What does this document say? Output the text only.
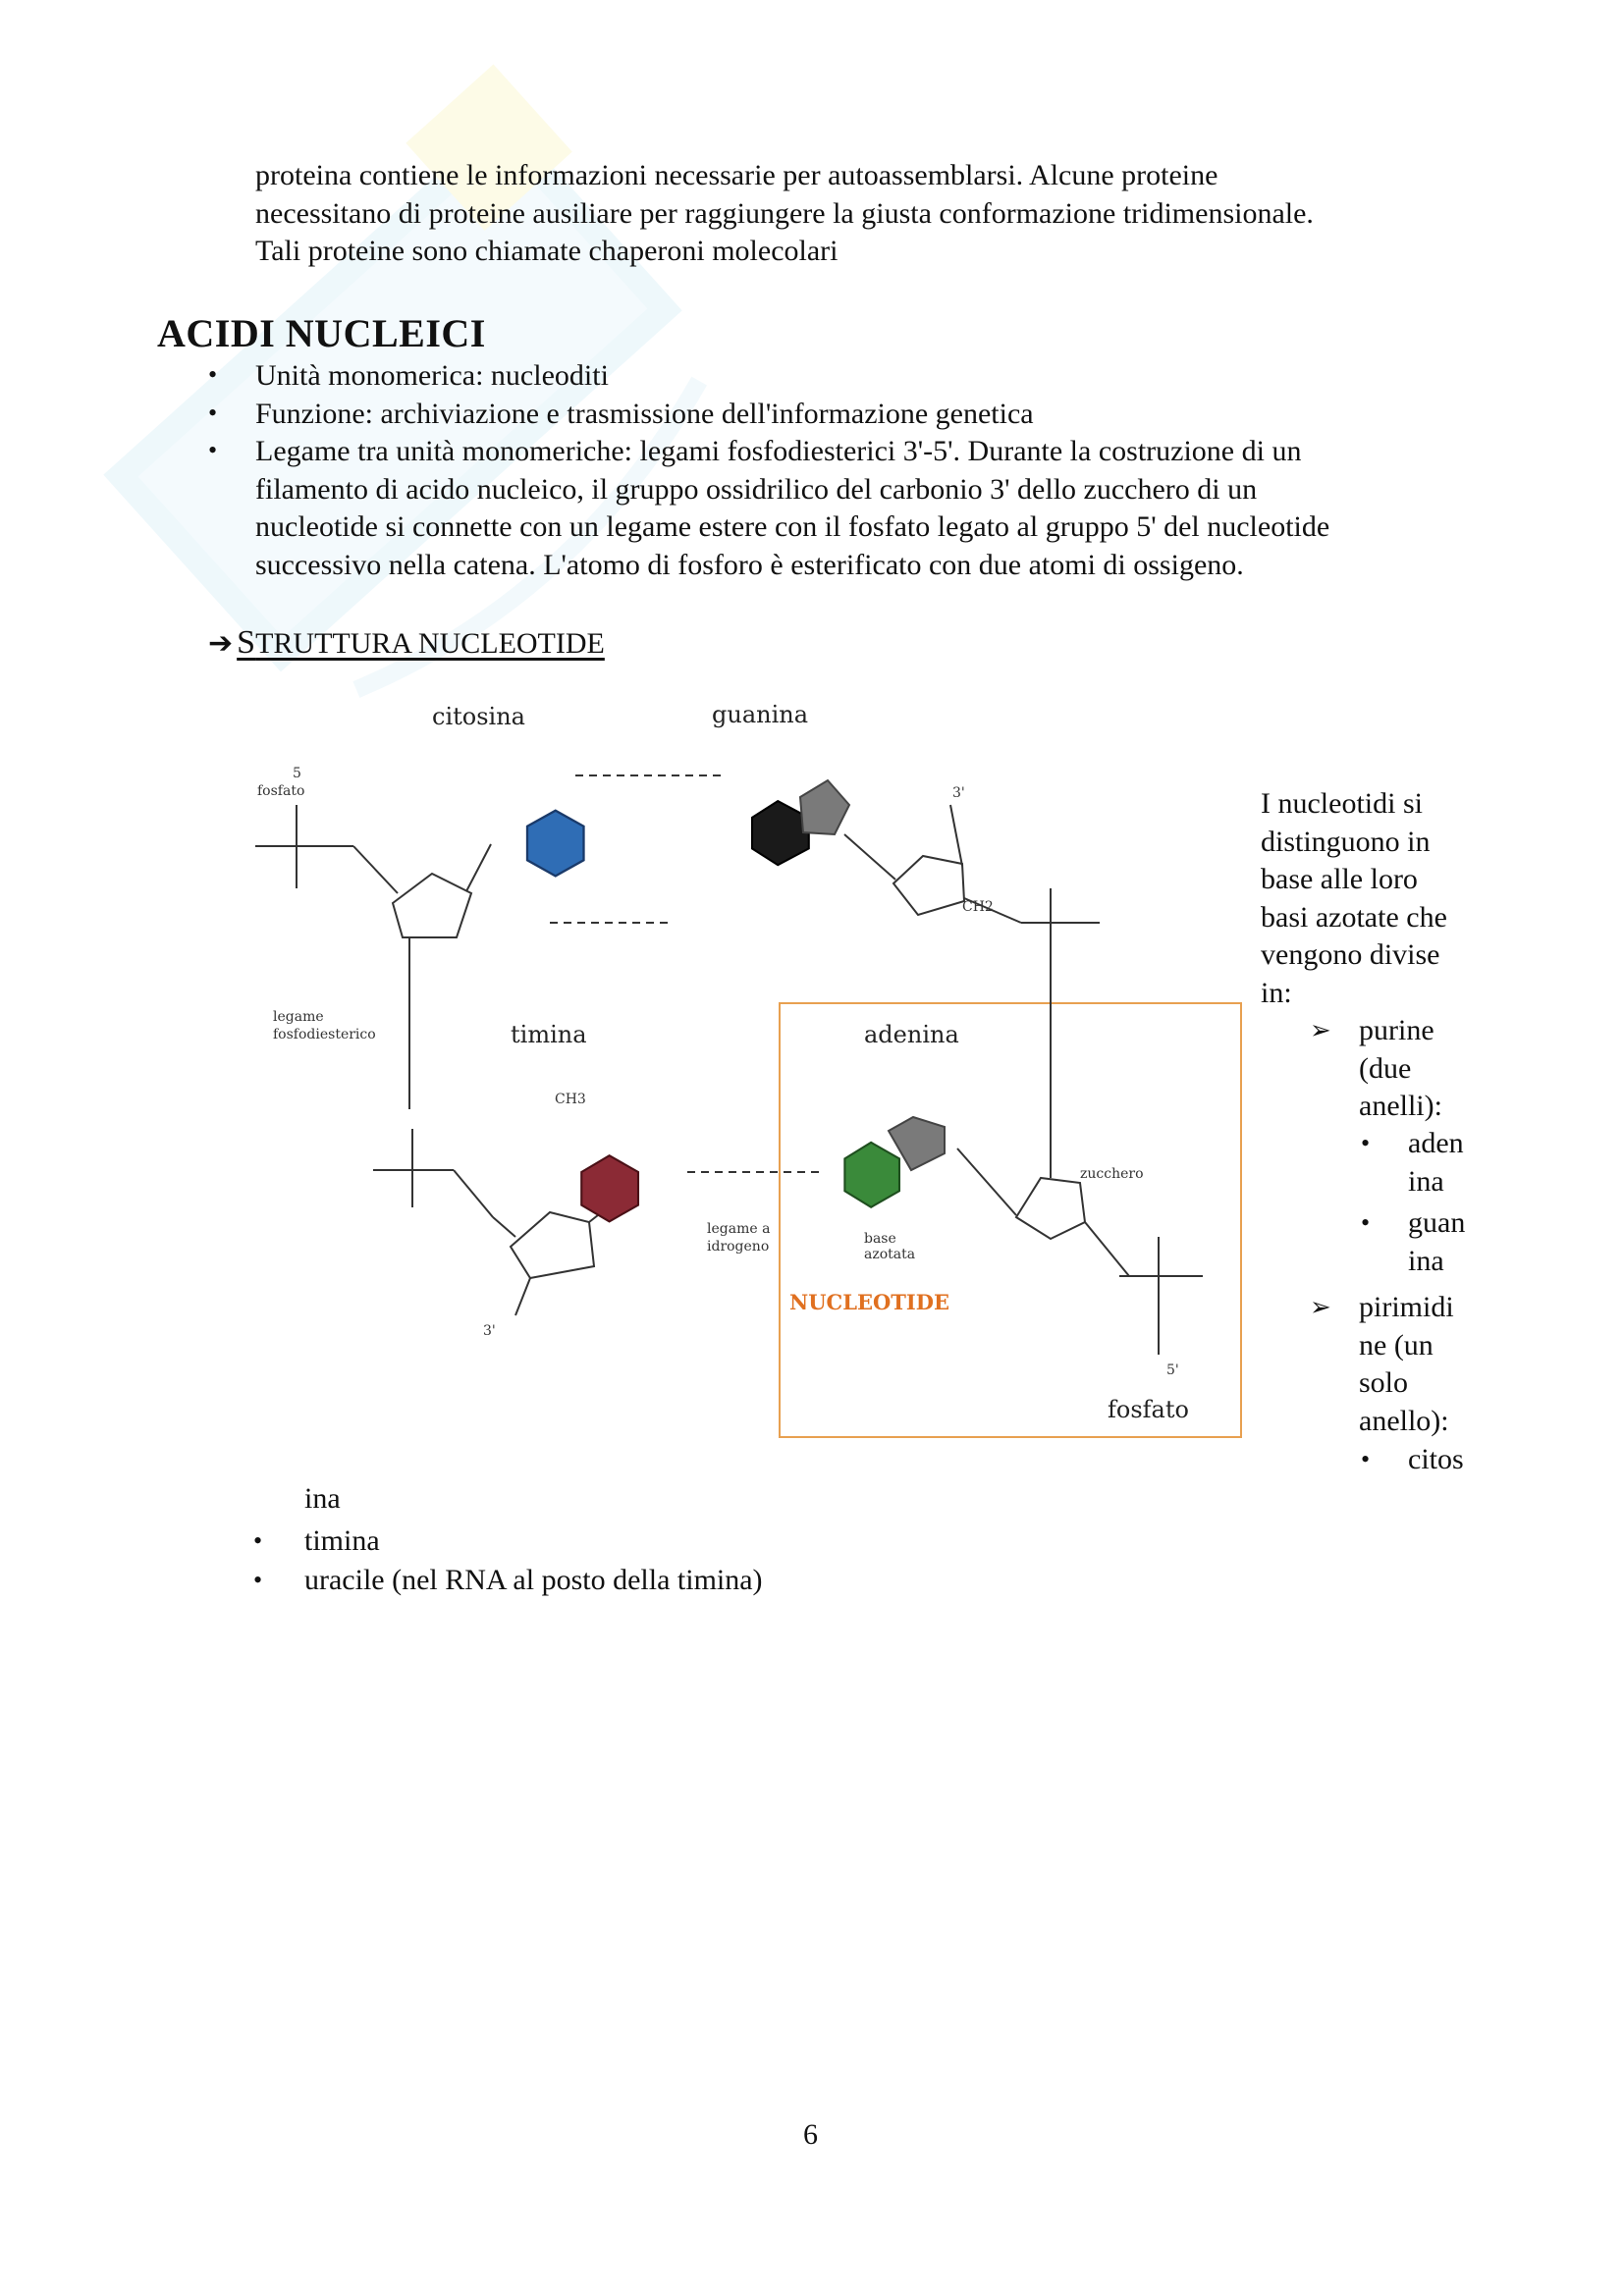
proteina contiene le informazioni necessarie per autoassemblarsi. Alcune proteine
necessitano di proteine ausiliare per raggiungere la giusta conformazione tridimensionale.
Tali proteine sono chiamate chaperoni molecolari
ACIDI NUCLEICI
• Unità monomerica: nucleoditi
• Funzione: archiviazione e trasmissione dell'informazione genetica
• Legame tra unità monomeriche: legami fosfodiesterici 3'-5'. Durante la costruzione di un
filamento di acido nucleico, il gruppo ossidrilico del carbonio 3' dello zucchero di un
nucleotide si connette con un legame estere con il fosfato legato al gruppo 5' del nucleotide
successivo nella catena. L'atomo di fosforo è esterificato con due atomi di ossigeno.
➔ STRUTTURA NUCLEOTIDE
citosina	guanina
timina	adenina
5
fosfato
legame
fosfodiesterico
legame a
idrogeno
zucchero
base
azotata
3'
5'
3'
CH2
CH3
NUCLEOTIDE
fosfato
I nucleotidi si
distinguono in
base alle loro
basi azotate che
vengono divise
in:
➢ purine
(due
anelli):
• aden
ina
• guan
ina
➢ pirimidi
ne (un
solo
anello):
• citos
ina
• timina
• uracile (nel RNA al posto della timina)
6
